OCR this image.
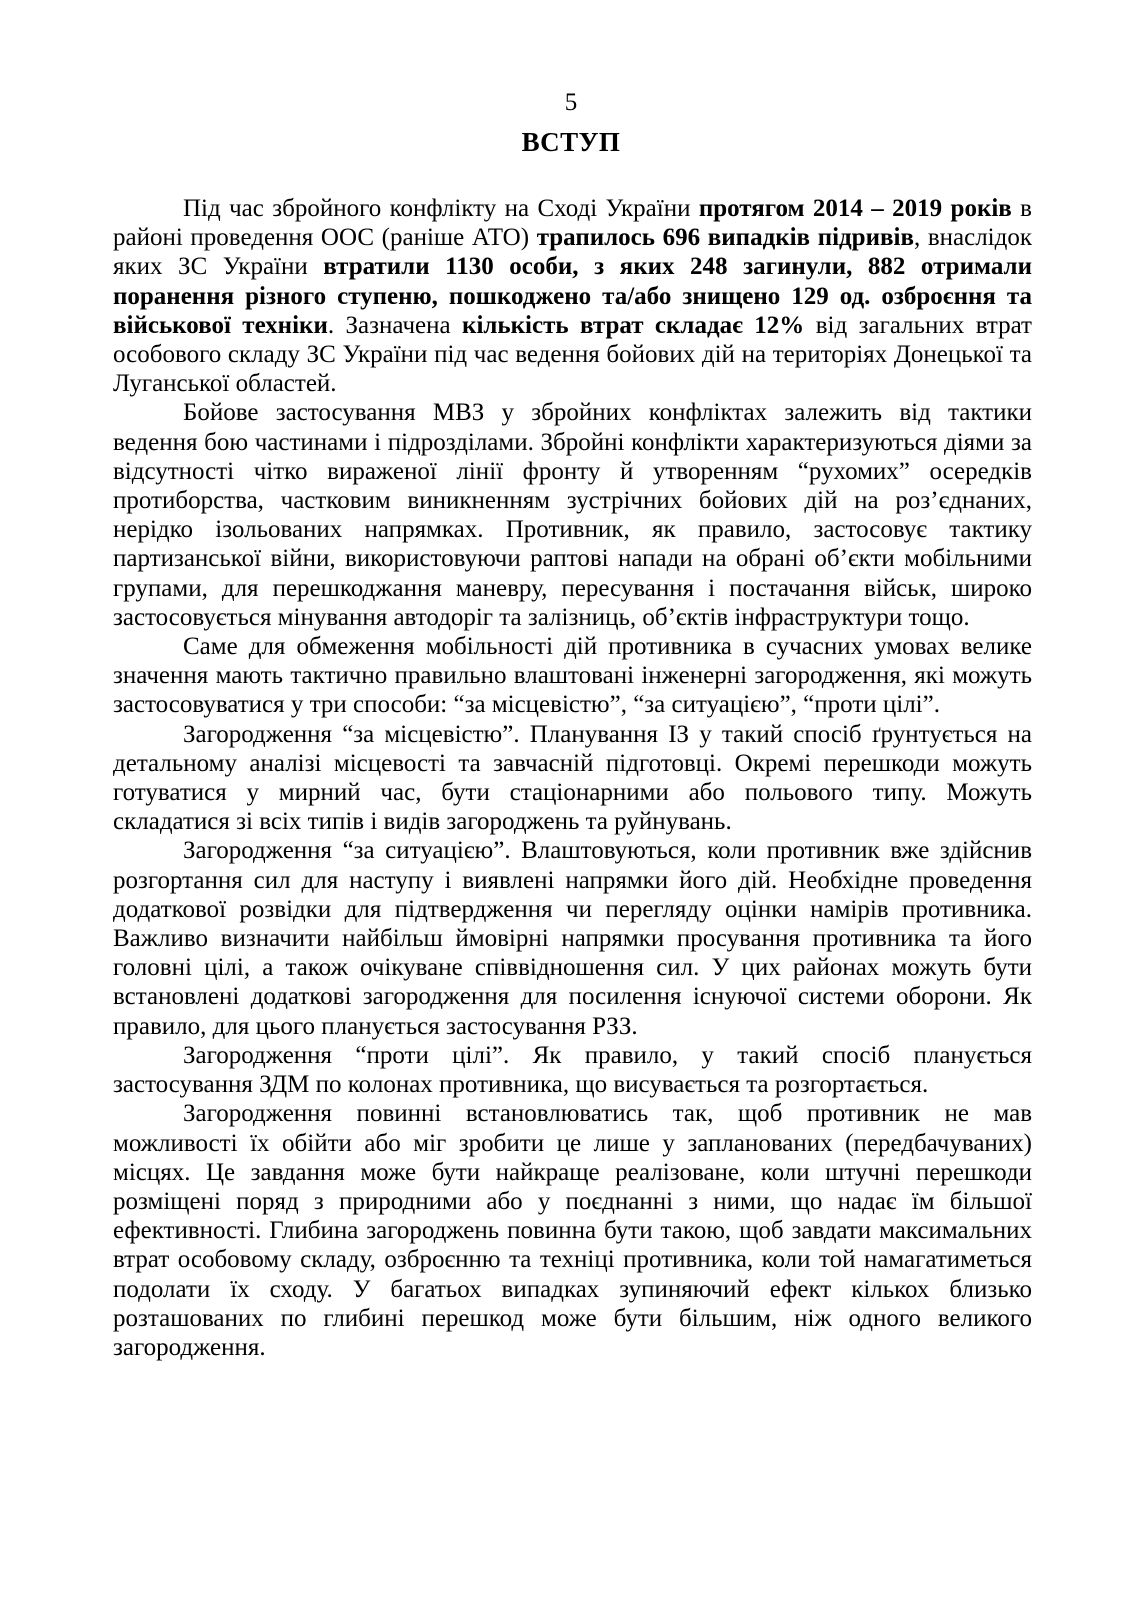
5
ВСТУП

Під час збройного конфлікту на Сході України протягом 2014 – 2019 років в районі проведення ООС (раніше АТО) трапилось 696 випадків підривів, внаслідок яких ЗС України втратили 1130 особи, з яких 248 загинули, 882 отримали поранення різного ступеню, пошкоджено та/або знищено 129 од. озброєння та військової техніки. Зазначена кількість втрат складає 12% від загальних втрат особового складу ЗС України під час ведення бойових дій на територіях Донецької та Луганської областей.

Бойове застосування МВЗ у збройних конфліктах залежить від тактики ведення бою частинами і підрозділами. Збройні конфлікти характеризуються діями за відсутності чітко вираженої лінії фронту й утворенням “рухомих” осередків протиборства, частковим виникненням зустрічних бойових дій на роз’єднаних, нерідко ізольованих напрямках. Противник, як правило, застосовує тактику партизанської війни, використовуючи раптові напади на обрані об’єкти мобільними групами, для перешкоджання маневру, пересування і постачання військ, широко застосовується мінування автодоріг та залізниць, об’єктів інфраструктури тощо.

Саме для обмеження мобільності дій противника в сучасних умовах велике значення мають тактично правильно влаштовані інженерні загородження, які можуть застосовуватися у три способи: “за місцевістю”, “за ситуацією”, “проти цілі”.

Загородження “за місцевістю”. Планування ІЗ у такий спосіб ґрунтується на детальному аналізі місцевості та завчасній підготовці. Окремі перешкоди можуть готуватися у мирний час, бути стаціонарними або польового типу. Можуть складатися зі всіх типів і видів загороджень та руйнувань.

Загородження “за ситуацією”. Влаштовуються, коли противник вже здійснив розгортання сил для наступу і виявлені напрямки його дій. Необхідне проведення додаткової розвідки для підтвердження чи перегляду оцінки намірів противника. Важливо визначити найбільш ймовірні напрямки просування противника та його головні цілі, а також очікуване співвідношення сил. У цих районах можуть бути встановлені додаткові загородження для посилення існуючої системи оборони. Як правило, для цього планується застосування РЗЗ.

Загородження “проти цілі”. Як правило, у такий спосіб планується застосування ЗДМ по колонах противника, що висувається та розгортається.

Загородження повинні встановлюватись так, щоб противник не мав можливості їх обійти або міг зробити це лише у запланованих (передбачуваних) місцях. Це завдання може бути найкраще реалізоване, коли штучні перешкоди розміщені поряд з природними або у поєднанні з ними, що надає їм більшої ефективності. Глибина загороджень повинна бути такою, щоб завдати максимальних втрат особовому складу, озброєнню та техніці противника, коли той намагатиметься подолати їх сходу. У багатьох випадках зупиняючий ефект кількох близько розташованих по глибині перешкод може бути більшим, ніж одного великого загородження.
